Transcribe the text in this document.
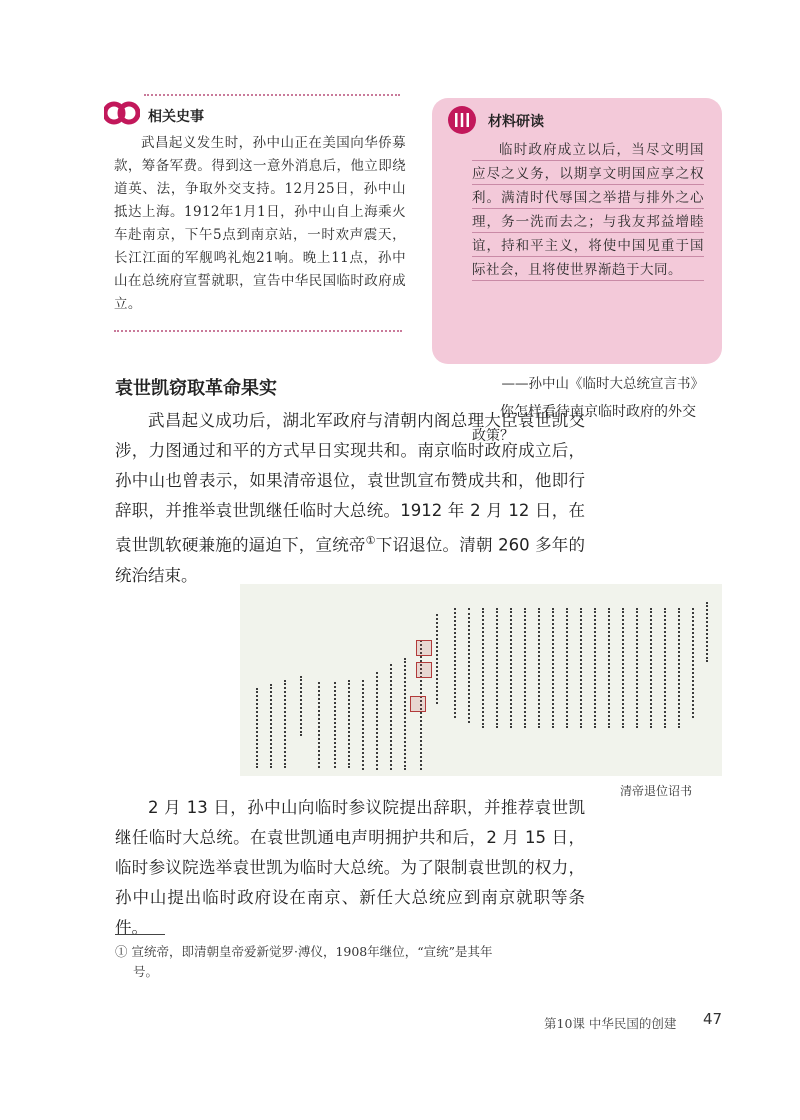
相关史事
武昌起义发生时，孙中山正在美国向华侨募款，筹备军费。得到这一意外消息后，他立即绕道英、法，争取外交支持。12月25日，孙中山抵达上海。1912年1月1日，孙中山自上海乘火车赴南京，下午5点到南京站，一时欢声震天，长江江面的军舰鸣礼炮21响。晚上11点，孙中山在总统府宣誓就职，宣告中华民国临时政府成立。
材料研读
临时政府成立以后，当尽文明国应尽之义务，以期享文明国应享之权利。满清时代辱国之举措与排外之心理，务一洗而去之；与我友邦益增睦谊，持和平主义，将使中国见重于国际社会，且将使世界渐趋于大同。
——孙中山《临时大总统宣言书》
你怎样看待南京临时政府的外交政策？
袁世凯窃取革命果实
武昌起义成功后，湖北军政府与清朝内阁总理大臣袁世凯交涉，力图通过和平的方式早日实现共和。南京临时政府成立后，孙中山也曾表示，如果清帝退位，袁世凯宣布赞成共和，他即行辞职，并推举袁世凯继任临时大总统。1912 年 2 月 12 日，在袁世凯软硬兼施的逼迫下，宣统帝①下诏退位。清朝 260 多年的统治结束。
清帝退位诏书
2 月 13 日，孙中山向临时参议院提出辞职，并推荐袁世凯继任临时大总统。在袁世凯通电声明拥护共和后，2 月 15 日，临时参议院选举袁世凯为临时大总统。为了限制袁世凯的权力，孙中山提出临时政府设在南京、新任大总统应到南京就职等条件。
① 宣统帝，即清朝皇帝爱新觉罗·溥仪，1908年继位，“宣统”是其年号。
第10课 中华民国的创建 47
